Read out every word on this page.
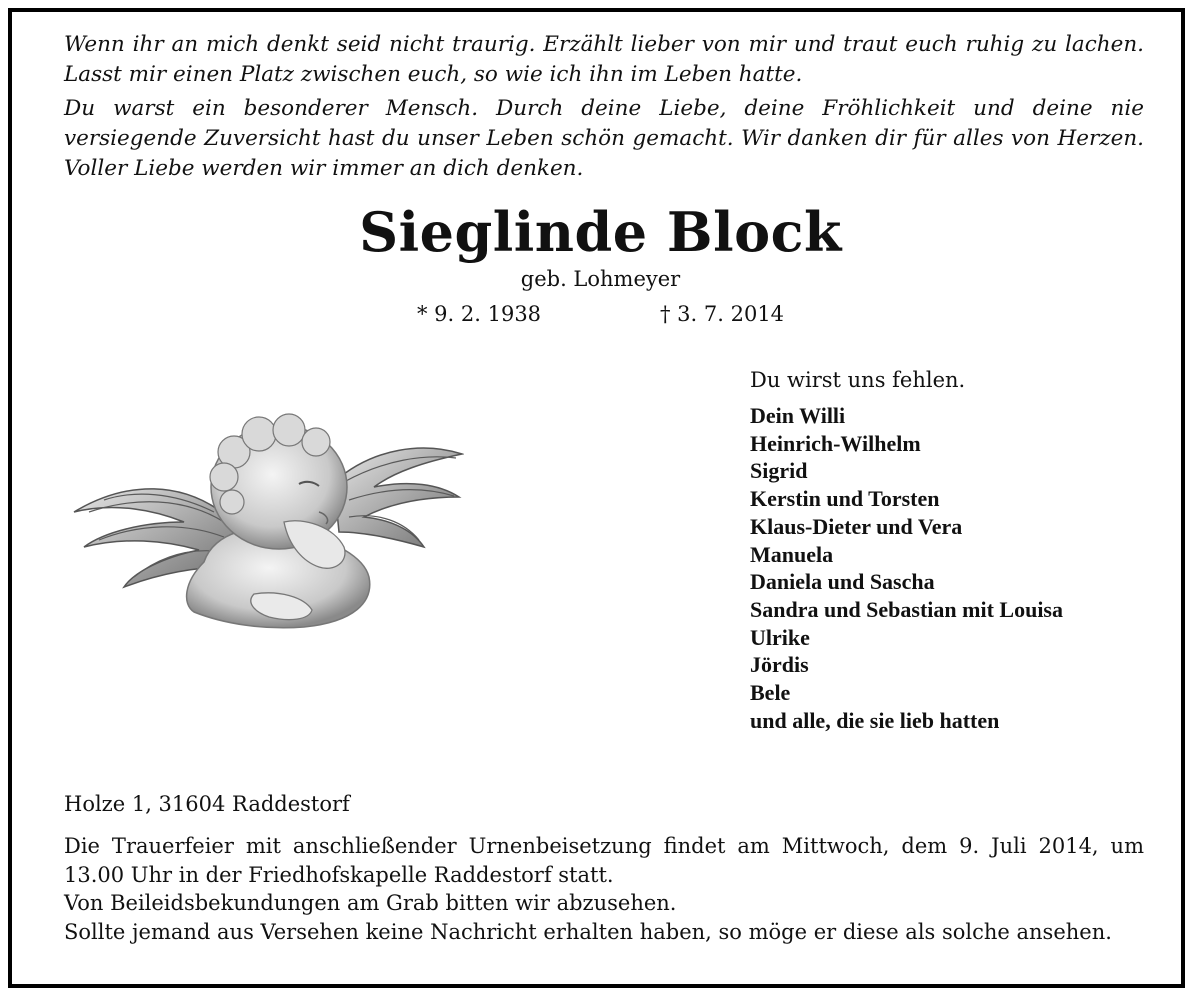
Wenn ihr an mich denkt seid nicht traurig. Erzählt lieber von mir und traut euch ruhig zu lachen. Lasst mir einen Platz zwischen euch, so wie ich ihn im Leben hatte.

Du warst ein besonderer Mensch. Durch deine Liebe, deine Fröhlichkeit und deine nie versiegende Zuversicht hast du unser Leben schön gemacht. Wir danken dir für alles von Herzen. Voller Liebe werden wir immer an dich denken.

Sieglinde Block
geb. Lohmeyer
* 9. 2. 1938	† 3. 7. 2014
Du wirst uns fehlen.
Dein Willi
Heinrich-Wilhelm
Sigrid
Kerstin und Torsten
Klaus-Dieter und Vera
Manuela
Daniela und Sascha
Sandra und Sebastian mit Louisa
Ulrike
Jördis
Bele
und alle, die sie lieb hatten
Holze 1, 31604 Raddestorf

Die Trauerfeier mit anschließender Urnenbeisetzung findet am Mittwoch, dem 9. Juli 2014, um 13.00 Uhr in der Friedhofskapelle Raddestorf statt.

Von Beileidsbekundungen am Grab bitten wir abzusehen.

Sollte jemand aus Versehen keine Nachricht erhalten haben, so möge er diese als solche ansehen.
